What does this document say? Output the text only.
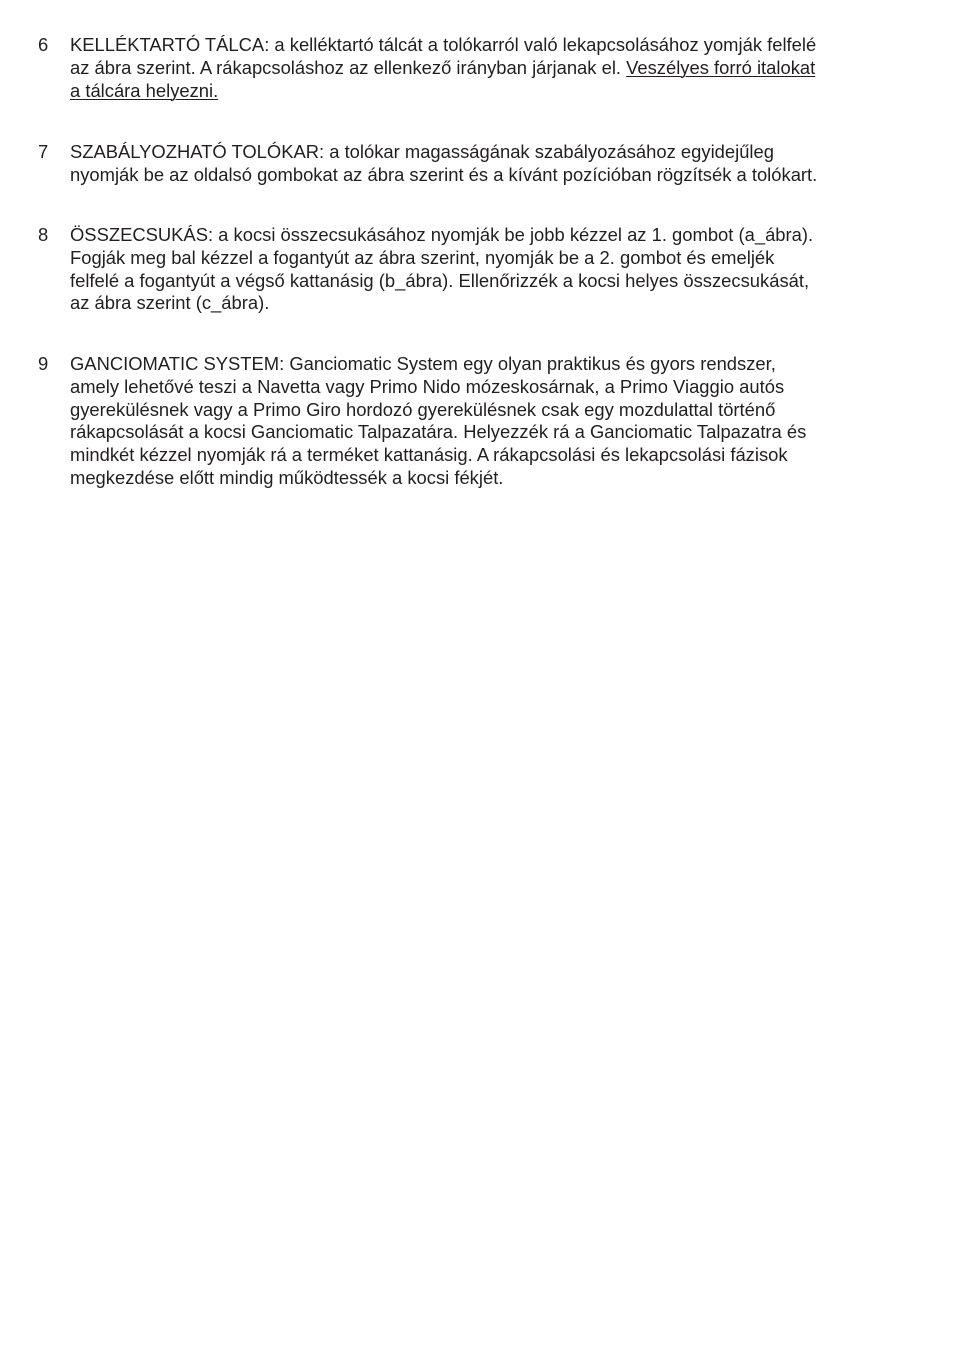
6	KELLÉKTARTÓ TÁLCA: a kelléktartó tálcát a tolókarról való lekapcsolásához yomják felfelé
az ábra szerint. A rákapcsoláshoz az ellenkező irányban járjanak el. Veszélyes forró italokat
a tálcára helyezni.
7	SZABÁLYOZHATÓ TOLÓKAR: a tolókar magasságának szabályozásához egyidejűleg
nyomják be az oldalsó gombokat az ábra szerint és a kívánt pozícióban rögzítsék a tolókart.
8	ÖSSZECSUKÁS: a kocsi összecsukásához nyomják be jobb kézzel az 1. gombot (a_ábra).
Fogják meg bal kézzel a fogantyút az ábra szerint, nyomják be a 2. gombot és emeljék
felfelé a fogantyút a végső kattanásig (b_ábra). Ellenőrizzék a kocsi helyes összecsukását,
az ábra szerint (c_ábra).
9	GANCIOMATIC SYSTEM: Ganciomatic System egy olyan praktikus és gyors rendszer,
amely lehetővé teszi a Navetta vagy Primo Nido mózeskosárnak, a Primo Viaggio autós
gyerekülésnek vagy a Primo Giro hordozó gyerekülésnek csak egy mozdulattal történő
rákapcsolását a kocsi Ganciomatic Talpazatára. Helyezzék rá a Ganciomatic Talpazatra és
mindkét kézzel nyomják rá a terméket kattanásig. A rákapcsolási és lekapcsolási fázisok
megkezdése előtt mindig működtessék a kocsi fékjét.
